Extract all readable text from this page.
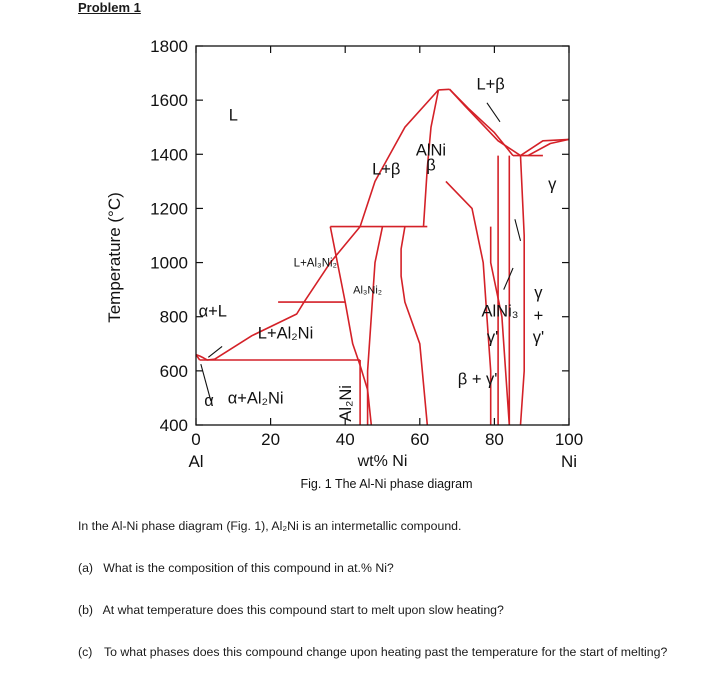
Problem 1
400
600
800
1000
1200
1400
1600
1800
0	20	40	60	80	100
Al	Ni
wt% Ni
Temperature (°C)
Fig. 1 The Al-Ni phase diagram
L
α+L
L+Al₃Ni₂
L+β
AlNi
β
L+β
γ
L+Al₂Ni
Al₃Ni₂
AlNi₃
γ'
γ
+
γ'
β + γ'
α α+Al₂Ni	Al₂Ni
In the Al-Ni phase diagram (Fig. 1), Al₂Ni is an intermetallic compound.
(a) What is the composition of this compound in at.% Ni?
(b) At what temperature does this compound start to melt upon slow heating?
(c) To what phases does this compound change upon heating past the temperature for the start of melting?
